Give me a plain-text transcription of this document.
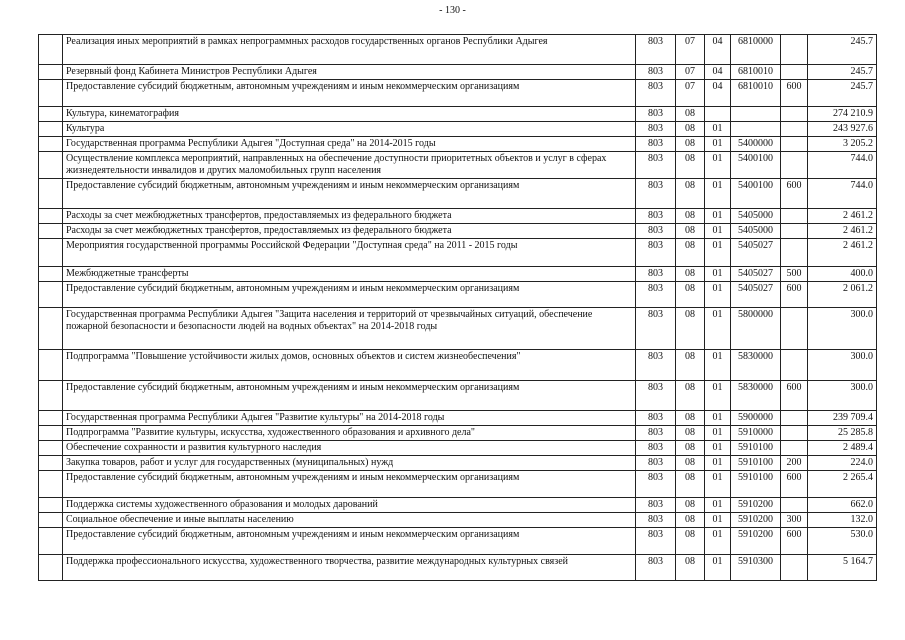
- 130 -
	Реализация иных мероприятий в рамках непрограммных расходов государственных органов Республики Адыгея	803	07	04	6810000		245.7
	Резервный фонд Кабинета Министров Республики Адыгея	803	07	04	6810010		245.7
	Предоставление субсидий бюджетным, автономным учреждениям и иным некоммерческим организациям	803	07	04	6810010	600	245.7
	Культура, кинематография	803	08				274 210.9
	Культура	803	08	01			243 927.6
	Государственная программа Республики Адыгея "Доступная среда" на 2014-2015 годы	803	08	01	5400000		3 205.2
	Осуществление комплекса мероприятий, направленных на обеспечение доступности приоритетных объектов и услуг в сферах жизнедеятельности инвалидов и других маломобильных групп населения	803	08	01	5400100		744.0
	Предоставление субсидий бюджетным, автономным учреждениям и иным некоммерческим организациям	803	08	01	5400100	600	744.0
	Расходы за счет межбюджетных трансфертов, предоставляемых из федерального бюджета	803	08	01	5405000		2 461.2
	Расходы за счет межбюджетных трансфертов, предоставляемых из федерального бюджета	803	08	01	5405000		2 461.2
	Мероприятия государственной программы Российской Федерации "Доступная среда" на 2011 - 2015 годы	803	08	01	5405027		2 461.2
	Межбюджетные трансферты	803	08	01	5405027	500	400.0
	Предоставление субсидий бюджетным, автономным учреждениям и иным некоммерческим организациям	803	08	01	5405027	600	2 061.2
	Государственная программа Республики Адыгея "Защита населения и территорий от чрезвычайных ситуаций, обеспечение пожарной безопасности и безопасности людей на водных объектах" на 2014-2018 годы	803	08	01	5800000		300.0
	Подпрограмма "Повышение устойчивости жилых домов, основных объектов и систем жизнеобеспечения"	803	08	01	5830000		300.0
	Предоставление субсидий бюджетным, автономным учреждениям и иным некоммерческим организациям	803	08	01	5830000	600	300.0
	Государственная программа Республики Адыгея "Развитие культуры" на 2014-2018 годы	803	08	01	5900000		239 709.4
	Подпрограмма "Развитие культуры, искусства, художественного образования и архивного дела"	803	08	01	5910000		25 285.8
	Обеспечение сохранности и развития культурного наследия	803	08	01	5910100		2 489.4
	Закупка товаров, работ и услуг для государственных (муниципальных) нужд	803	08	01	5910100	200	224.0
	Предоставление субсидий бюджетным, автономным учреждениям и иным некоммерческим организациям	803	08	01	5910100	600	2 265.4
	Поддержка системы художественного образования и молодых дарований	803	08	01	5910200		662.0
	Социальное обеспечение и иные выплаты населению	803	08	01	5910200	300	132.0
	Предоставление субсидий бюджетным, автономным учреждениям и иным некоммерческим организациям	803	08	01	5910200	600	530.0
	Поддержка профессионального искусства, художественного творчества, развитие международных культурных связей	803	08	01	5910300		5 164.7
